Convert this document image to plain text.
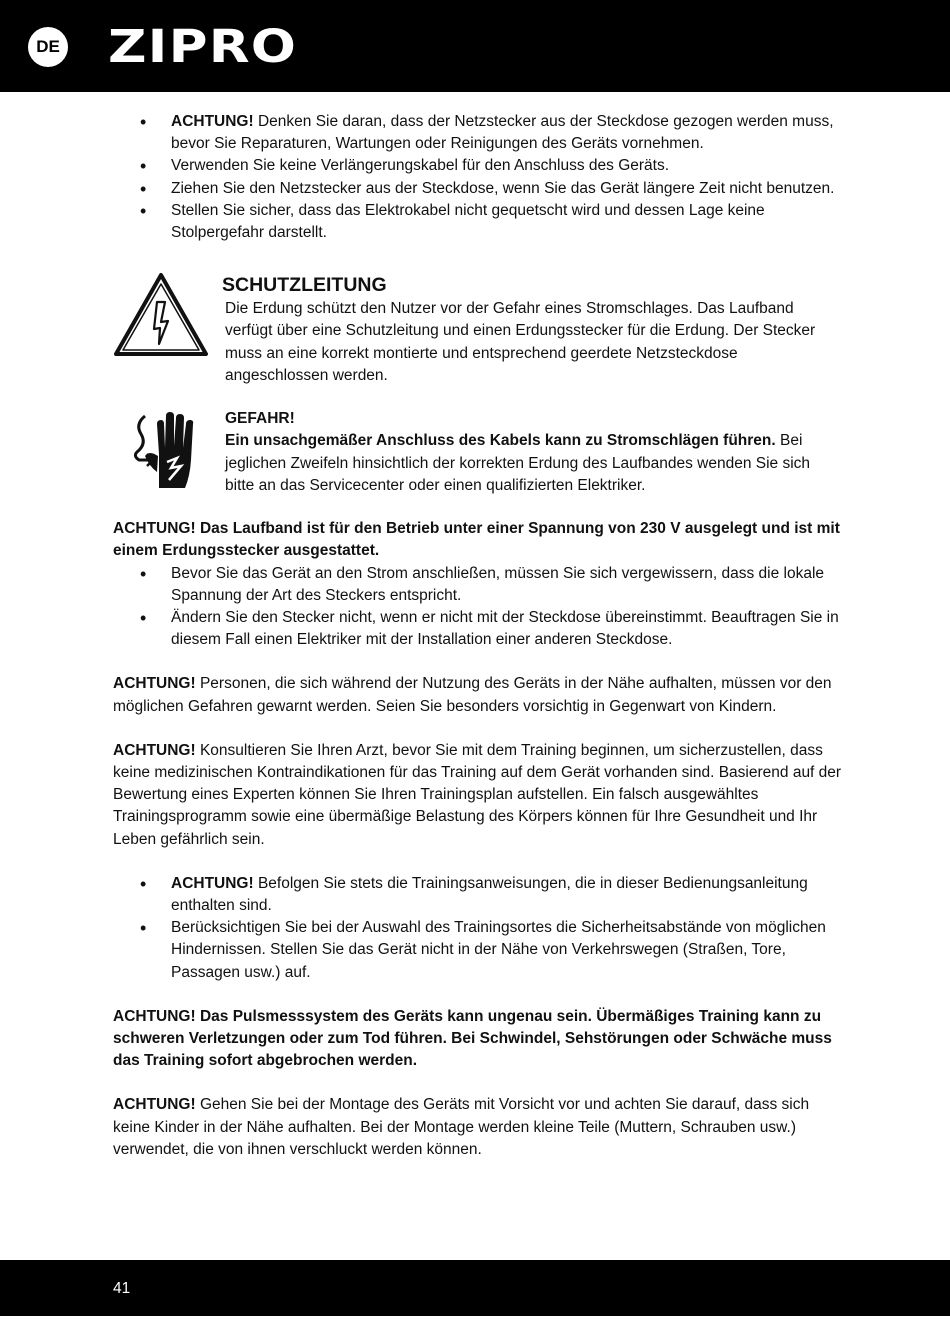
DE ZIPRO
• ACHTUNG! Denken Sie daran, dass der Netzstecker aus der Steckdose gezogen werden muss, bevor Sie Reparaturen, Wartungen oder Reinigungen des Geräts vornehmen.
• Verwenden Sie keine Verlängerungskabel für den Anschluss des Geräts.
• Ziehen Sie den Netzstecker aus der Steckdose, wenn Sie das Gerät längere Zeit nicht benutzen.
• Stellen Sie sicher, dass das Elektrokabel nicht gequetscht wird und dessen Lage keine Stolpergefahr darstellt.
SCHUTZLEITUNG

Die Erdung schützt den Nutzer vor der Gefahr eines Stromschlages. Das Laufband verfügt über eine Schutzleitung und einen Erdungsstecker für die Erdung. Der Stecker muss an eine korrekt montierte und entsprechend geerdete Netzsteckdose angeschlossen werden.

GEFAHR!

Ein unsachgemäßer Anschluss des Kabels kann zu Stromschlägen führen. Bei jeglichen Zweifeln hinsichtlich der korrekten Erdung des Laufbandes wenden Sie sich bitte an das Servicecenter oder einen qualifizierten Elektriker.

ACHTUNG! Das Laufband ist für den Betrieb unter einer Spannung von 230 V ausgelegt und ist mit einem Erdungsstecker ausgestattet.

• Bevor Sie das Gerät an den Strom anschließen, müssen Sie sich vergewissern, dass die lokale Spannung der Art des Steckers entspricht.
• Ändern Sie den Stecker nicht, wenn er nicht mit der Steckdose übereinstimmt. Beauftragen Sie in diesem Fall einen Elektriker mit der Installation einer anderen Steckdose.

ACHTUNG! Personen, die sich während der Nutzung des Geräts in der Nähe aufhalten, müssen vor den möglichen Gefahren gewarnt werden. Seien Sie besonders vorsichtig in Gegenwart von Kindern.

ACHTUNG! Konsultieren Sie Ihren Arzt, bevor Sie mit dem Training beginnen, um sicherzustellen, dass keine medizinischen Kontraindikationen für das Training auf dem Gerät vorhanden sind. Basierend auf der Bewertung eines Experten können Sie Ihren Trainingsplan aufstellen. Ein falsch ausgewähltes Trainingsprogramm sowie eine übermäßige Belastung des Körpers können für Ihre Gesundheit und Ihr Leben gefährlich sein.

• ACHTUNG! Befolgen Sie stets die Trainingsanweisungen, die in dieser Bedienungsanleitung enthalten sind.
• Berücksichtigen Sie bei der Auswahl des Trainingsortes die Sicherheitsabstände von möglichen Hindernissen. Stellen Sie das Gerät nicht in der Nähe von Verkehrswegen (Straßen, Tore, Passagen usw.) auf.

ACHTUNG! Das Pulsmesssystem des Geräts kann ungenau sein. Übermäßiges Training kann zu schweren Verletzungen oder zum Tod führen. Bei Schwindel, Sehstörungen oder Schwäche muss das Training sofort abgebrochen werden.

ACHTUNG! Gehen Sie bei der Montage des Geräts mit Vorsicht vor und achten Sie darauf, dass sich keine Kinder in der Nähe aufhalten. Bei der Montage werden kleine Teile (Muttern, Schrauben usw.) verwendet, die von ihnen verschluckt werden können.

41
